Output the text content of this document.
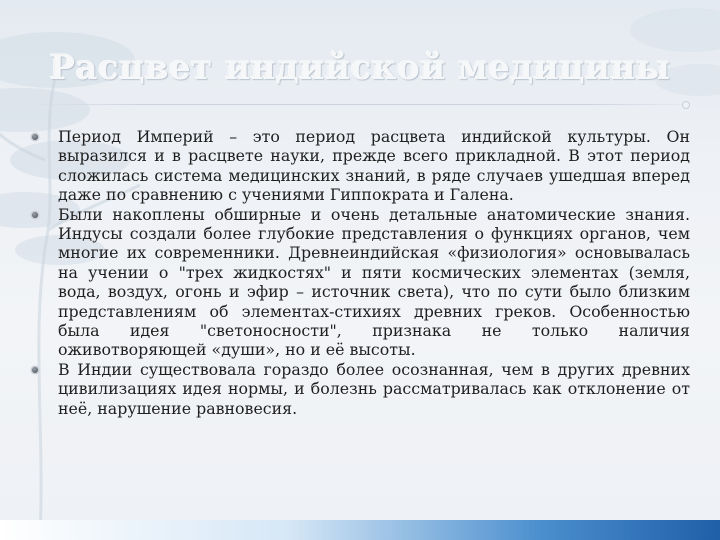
Расцвет индийской медицины

Период Империй – это период расцвета индийской культуры. Он выразился и в расцвете науки, прежде всего прикладной. В этот период сложилась система медицинских знаний, в ряде случаев ушедшая вперед даже по сравнению с учениями Гиппократа и Галена.

Были накоплены обширные и очень детальные анатомические знания. Индусы создали более глубокие представления о функциях органов, чем многие их современники. Древнеиндийская «физиология» основывалась на учении о "трех жидкостях" и пяти космических элементах (земля, вода, воздух, огонь и эфир – источник света), что по сути было близким представлениям об элементах-стихиях древних греков. Особенностью была идея "светоносности", признака не только наличия оживотворяющей «души», но и её высоты.

В Индии существовала гораздо более осознанная, чем в других древних цивилизациях идея нормы, и болезнь рассматривалась как отклонение от неё, нарушение равновесия.
